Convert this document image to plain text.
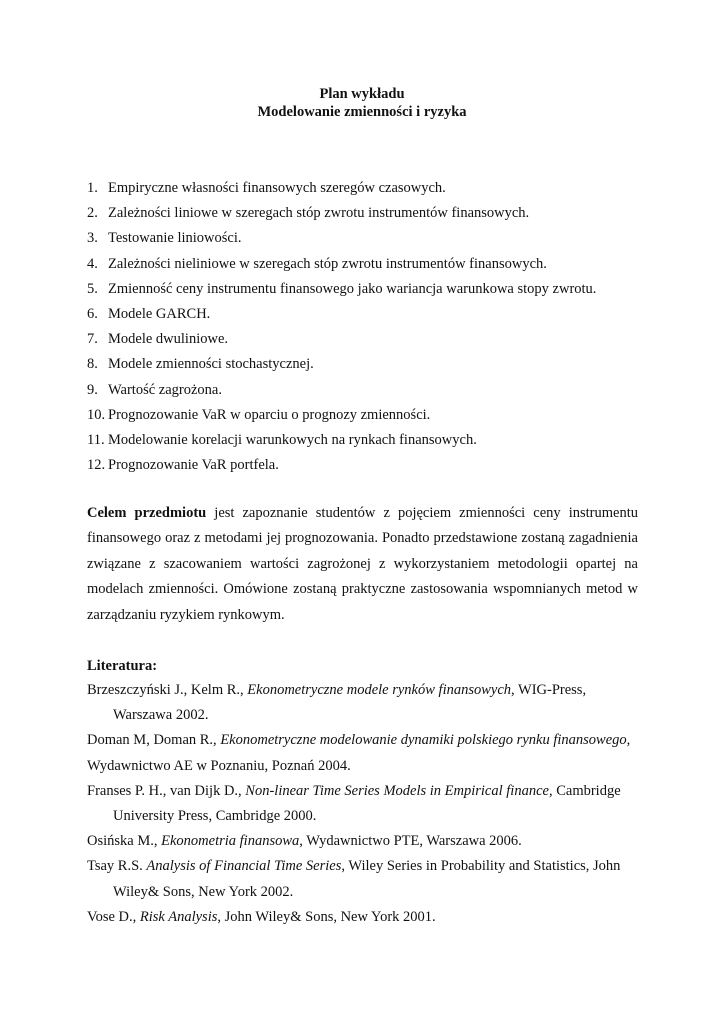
Plan wykładu
Modelowanie zmienności i ryzyka
1. Empiryczne własności finansowych szeregów czasowych.
2. Zależności liniowe w szeregach stóp zwrotu instrumentów finansowych.
3. Testowanie liniowości.
4. Zależności nieliniowe w szeregach stóp zwrotu instrumentów finansowych.
5. Zmienność ceny instrumentu finansowego jako wariancja warunkowa stopy zwrotu.
6. Modele GARCH.
7. Modele dwuliniowe.
8. Modele zmienności stochastycznej.
9. Wartość zagrożona.
10. Prognozowanie VaR w oparciu o prognozy zmienności.
11. Modelowanie korelacji warunkowych na rynkach finansowych.
12. Prognozowanie VaR portfela.

Celem przedmiotu jest zapoznanie studentów z pojęciem zmienności ceny instrumentu finansowego oraz z metodami jej prognozowania. Ponadto przedstawione zostaną zagadnienia związane z szacowaniem wartości zagrożonej z wykorzystaniem metodologii opartej na modelach zmienności. Omówione zostaną praktyczne zastosowania wspomnianych metod w zarządzaniu ryzykiem rynkowym.

Literatura:

Brzeszczyński J., Kelm R., Ekonometryczne modele rynków finansowych, WIG-Press, Warszawa 2002.
Doman M, Doman R., Ekonometryczne modelowanie dynamiki polskiego rynku finansowego, Wydawnictwo AE w Poznaniu, Poznań 2004.
Franses P. H., van Dijk D., Non-linear Time Series Models in Empirical finance, Cambridge University Press, Cambridge 2000.
Osińska M., Ekonometria finansowa, Wydawnictwo PTE, Warszawa 2006.
Tsay R.S. Analysis of Financial Time Series, Wiley Series in Probability and Statistics, John Wiley& Sons, New York 2002.
Vose D., Risk Analysis, John Wiley& Sons, New York 2001.
